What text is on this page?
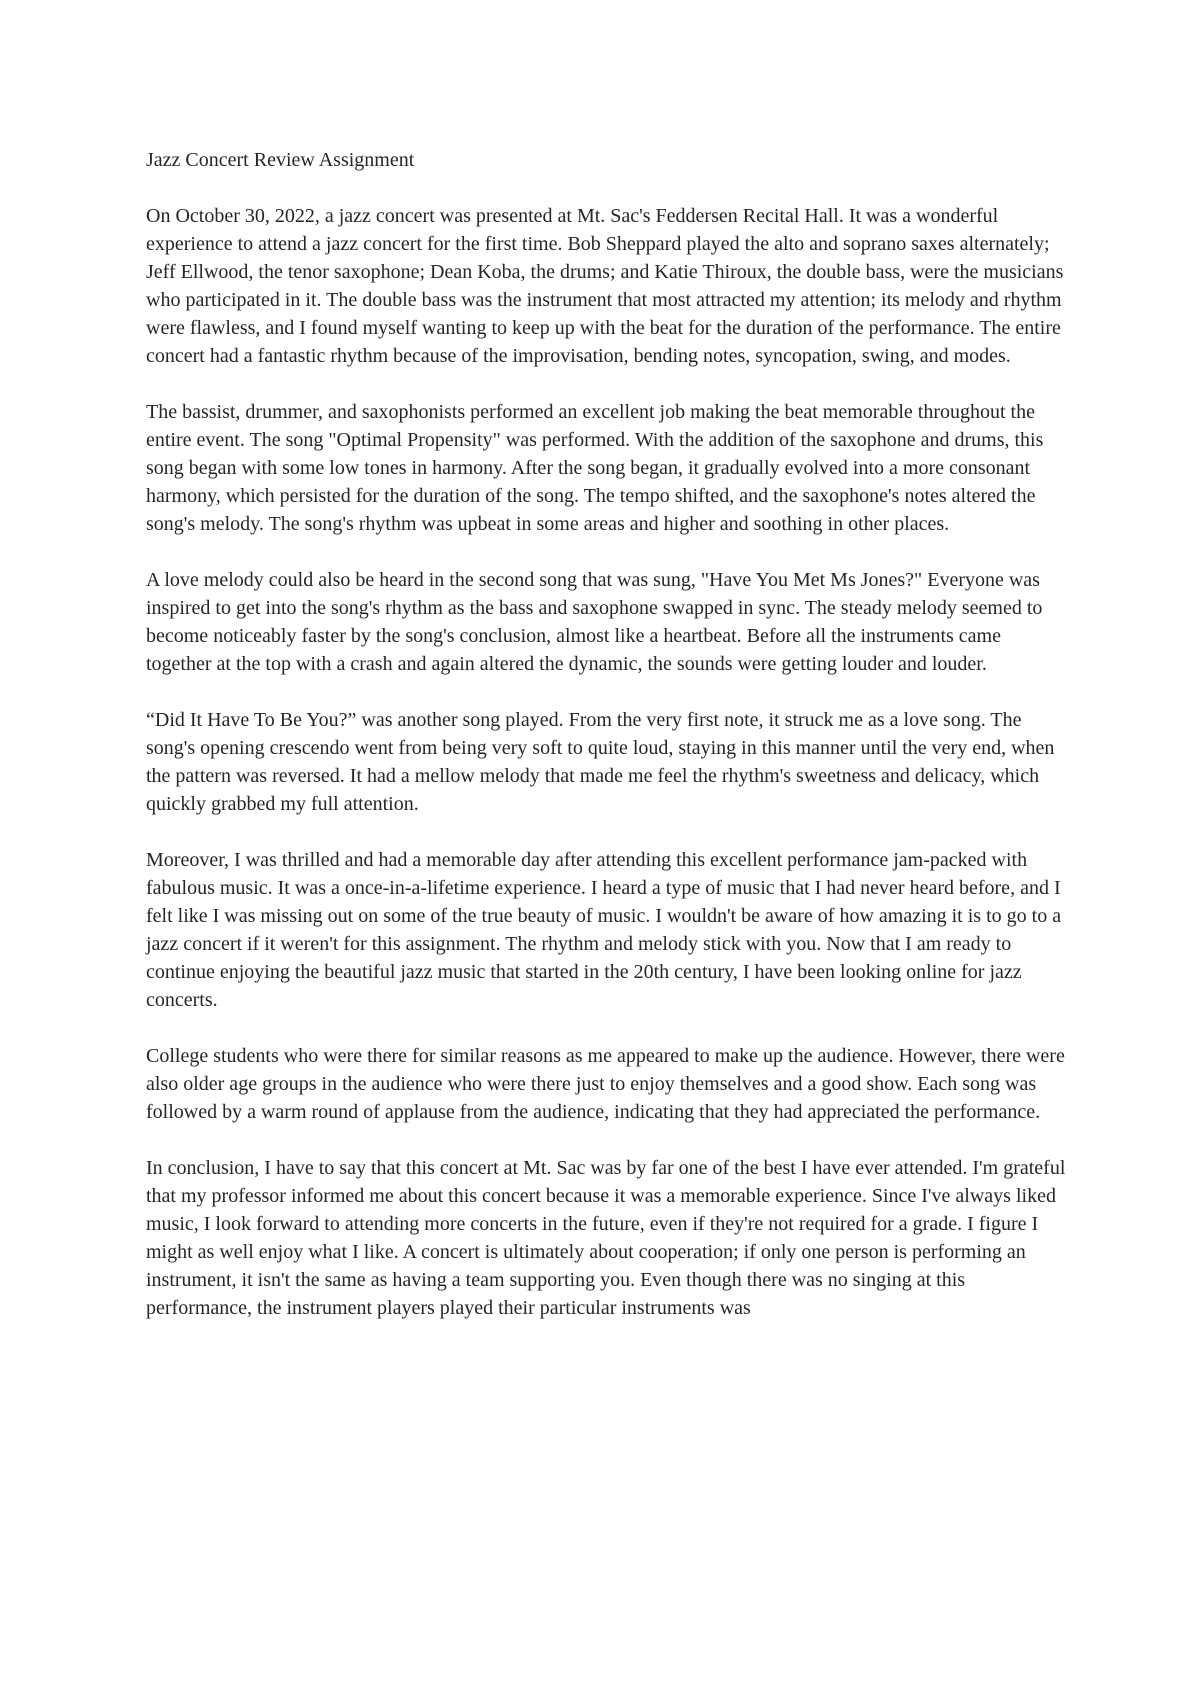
Jazz Concert Review Assignment

On October 30, 2022, a jazz concert was presented at Mt. Sac's Feddersen Recital Hall. It was a wonderful experience to attend a jazz concert for the first time. Bob Sheppard played the alto and soprano saxes alternately; Jeff Ellwood, the tenor saxophone; Dean Koba, the drums; and Katie Thiroux, the double bass, were the musicians who participated in it. The double bass was the instrument that most attracted my attention; its melody and rhythm were flawless, and I found myself wanting to keep up with the beat for the duration of the performance. The entire concert had a fantastic rhythm because of the improvisation, bending notes, syncopation, swing, and modes.

The bassist, drummer, and saxophonists performed an excellent job making the beat memorable throughout the entire event. The song "Optimal Propensity" was performed. With the addition of the saxophone and drums, this song began with some low tones in harmony. After the song began, it gradually evolved into a more consonant harmony, which persisted for the duration of the song. The tempo shifted, and the saxophone's notes altered the song's melody. The song's rhythm was upbeat in some areas and higher and soothing in other places.

A love melody could also be heard in the second song that was sung, "Have You Met Ms Jones?" Everyone was inspired to get into the song's rhythm as the bass and saxophone swapped in sync. The steady melody seemed to become noticeably faster by the song's conclusion, almost like a heartbeat. Before all the instruments came together at the top with a crash and again altered the dynamic, the sounds were getting louder and louder.

“Did It Have To Be You?” was another song played. From the very first note, it struck me as a love song. The song's opening crescendo went from being very soft to quite loud, staying in this manner until the very end, when the pattern was reversed. It had a mellow melody that made me feel the rhythm's sweetness and delicacy, which quickly grabbed my full attention.

Moreover, I was thrilled and had a memorable day after attending this excellent performance jam-packed with fabulous music. It was a once-in-a-lifetime experience. I heard a type of music that I had never heard before, and I felt like I was missing out on some of the true beauty of music. I wouldn't be aware of how amazing it is to go to a jazz concert if it weren't for this assignment. The rhythm and melody stick with you. Now that I am ready to continue enjoying the beautiful jazz music that started in the 20th century, I have been looking online for jazz concerts.

College students who were there for similar reasons as me appeared to make up the audience. However, there were also older age groups in the audience who were there just to enjoy themselves and a good show. Each song was followed by a warm round of applause from the audience, indicating that they had appreciated the performance.

In conclusion, I have to say that this concert at Mt. Sac was by far one of the best I have ever attended. I'm grateful that my professor informed me about this concert because it was a memorable experience. Since I've always liked music, I look forward to attending more concerts in the future, even if they're not required for a grade. I figure I might as well enjoy what I like. A concert is ultimately about cooperation; if only one person is performing an instrument, it isn't the same as having a team supporting you. Even though there was no singing at this performance, the instrument players played their particular instruments was
